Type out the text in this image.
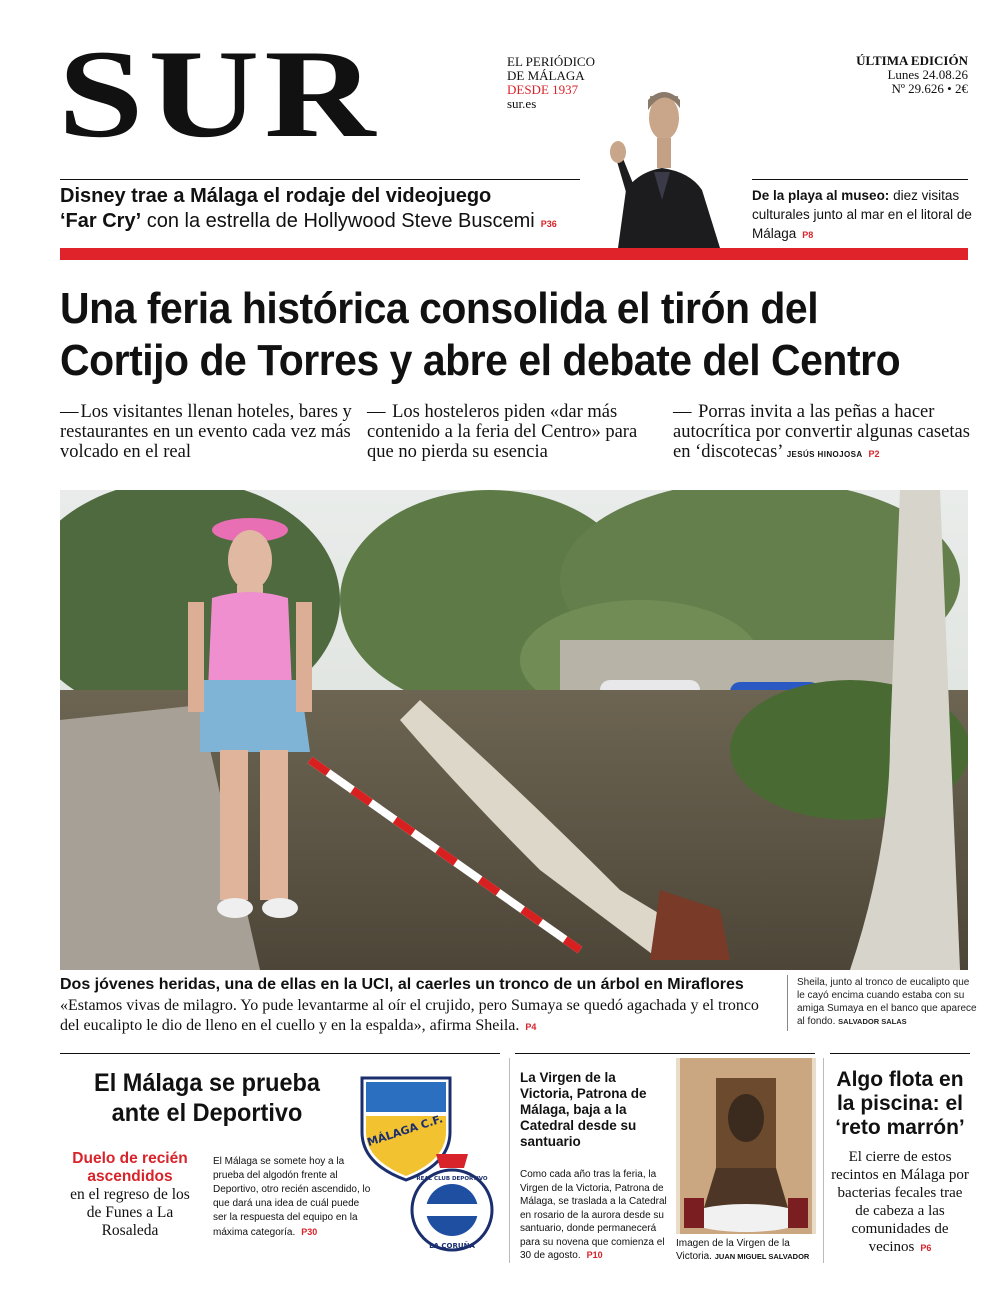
SUR	EL PERIÓDICO
DE MÁLAGA
DESDE 1937
sur.es
ÚLTIMA EDICIÓN
Lunes 24.08.26
Nº 29.626 • 2€
Disney trae a Málaga el rodaje del videojuego
‘Far Cry’ con la estrella de Hollywood Steve Buscemi P36
De la playa al museo: diez visitas culturales junto al mar en el litoral de Málaga P8
Una feria histórica consolida el tirón del
Cortijo de Torres y abre el debate del Centro
— Los visitantes llenan hoteles, bares y restaurantes en un evento cada vez más volcado en el real
— Los hosteleros piden «dar más contenido a la feria del Centro» para que no pierda su esencia
— Porras invita a las peñas a hacer autocrítica por convertir algunas casetas en ‘discotecas’ JESÚS HINOJOSA P2
Dos jóvenes heridas, una de ellas en la UCI, al caerles un tronco de un árbol en Miraflores
«Estamos vivas de milagro. Yo pude levantarme al oír el crujido, pero Sumaya se quedó agachada y el tronco del eucalipto le dio de lleno en el cuello y en la espalda», afirma Sheila. P4
Sheila, junto al tronco de eucalipto que le cayó encima cuando estaba con su amiga Sumaya en el banco que aparece al fondo. SALVADOR SALAS
El Málaga se prueba ante el Deportivo
Duelo de recién ascendidos
en el regreso de los de Funes a La Rosaleda
El Málaga se somete hoy a la prueba del algodón frente al Deportivo, otro recién ascendido, lo que dará una idea de cuál puede ser la respuesta del equipo en la máxima categoría. P30
MÁLAGA C.F.
LA CORUÑA
REAL CLUB DEPORTIVO
La Virgen de la Victoria, Patrona de Málaga, baja a la Catedral desde su santuario
Como cada año tras la feria, la Virgen de la Victoria, Patrona de Málaga, se traslada a la Catedral en rosario de la aurora desde su santuario, donde permanecerá para su novena que comienza el 30 de agosto. P10
Imagen de la Virgen de la Victoria. JUAN MIGUEL SALVADOR
Algo flota en la piscina: el ‘reto marrón’
El cierre de estos recintos en Málaga por bacterias fecales trae de cabeza a las comunidades de vecinos P6
